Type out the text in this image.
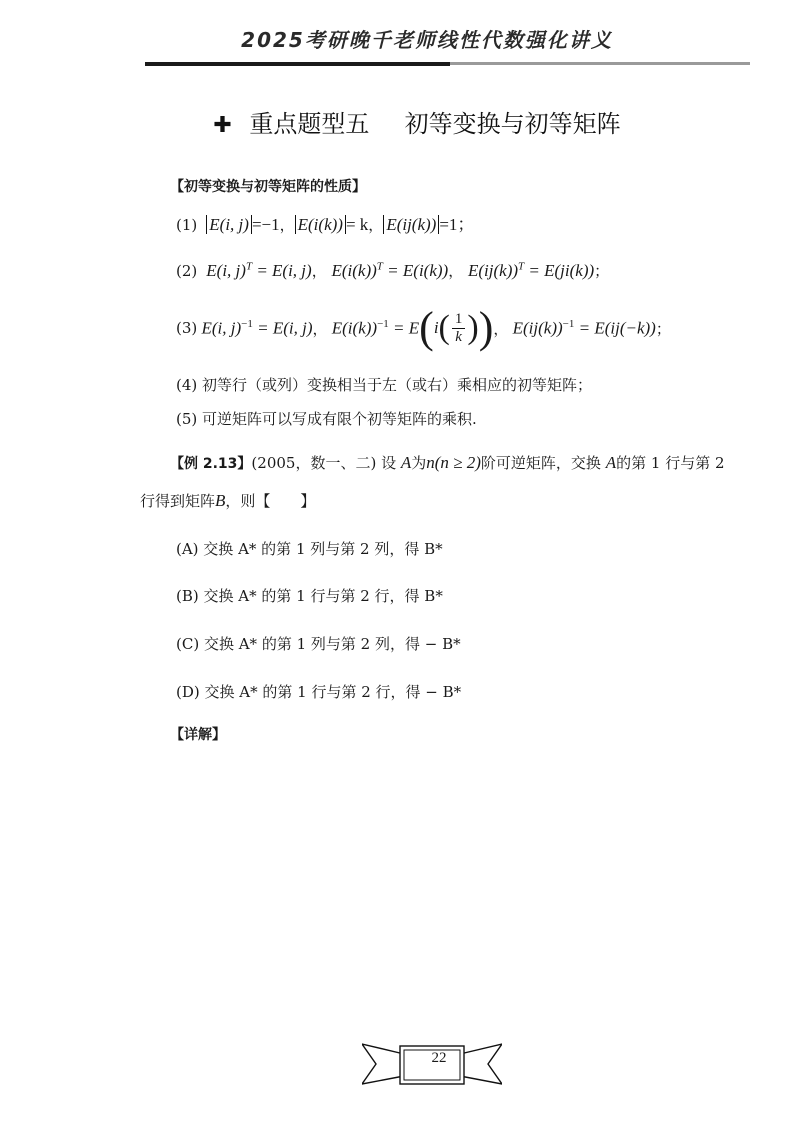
2025考研晚千老师线性代数强化讲义
✚ 重点题型五 初等变换与初等矩阵
【初等变换与初等矩阵的性质】
(1) E(i, j) =−1， E(i(k)) = k， E(ij(k)) =1；
(2)  E(i, j)$^T$ = E(i, j)， $E(i(k))^T = E(i(k))$， $E(ij(k))^T = E(ji(k))$；
(3) E(i, j)$^{-1}$ = E(i, j) ， $E(i(k))^{-1} = E$ ( i ( $\frac{1}{k}$ ) ) ， $E(ij(k))^{-1} = E(ij(-k))$ ；
(4) 初等行（或列）变换相当于左（或右）乘相应的初等矩阵；
(5) 可逆矩阵可以写成有限个初等矩阵的乘积.
【例 2.13】(2005，数一、二) 设 A为n(n ≥ 2)阶可逆矩阵，交换 A的第 1 行与第 2
行得到矩阵B，则【　　】
(A) 交换 A* 的第 1 列与第 2 列，得 B*
(B) 交换 A* 的第 1 行与第 2 行，得 B*
(C) 交换 A* 的第 1 列与第 2 列，得 − B*
(D) 交换 A* 的第 1 行与第 2 行，得 − B*
【详解】
22
